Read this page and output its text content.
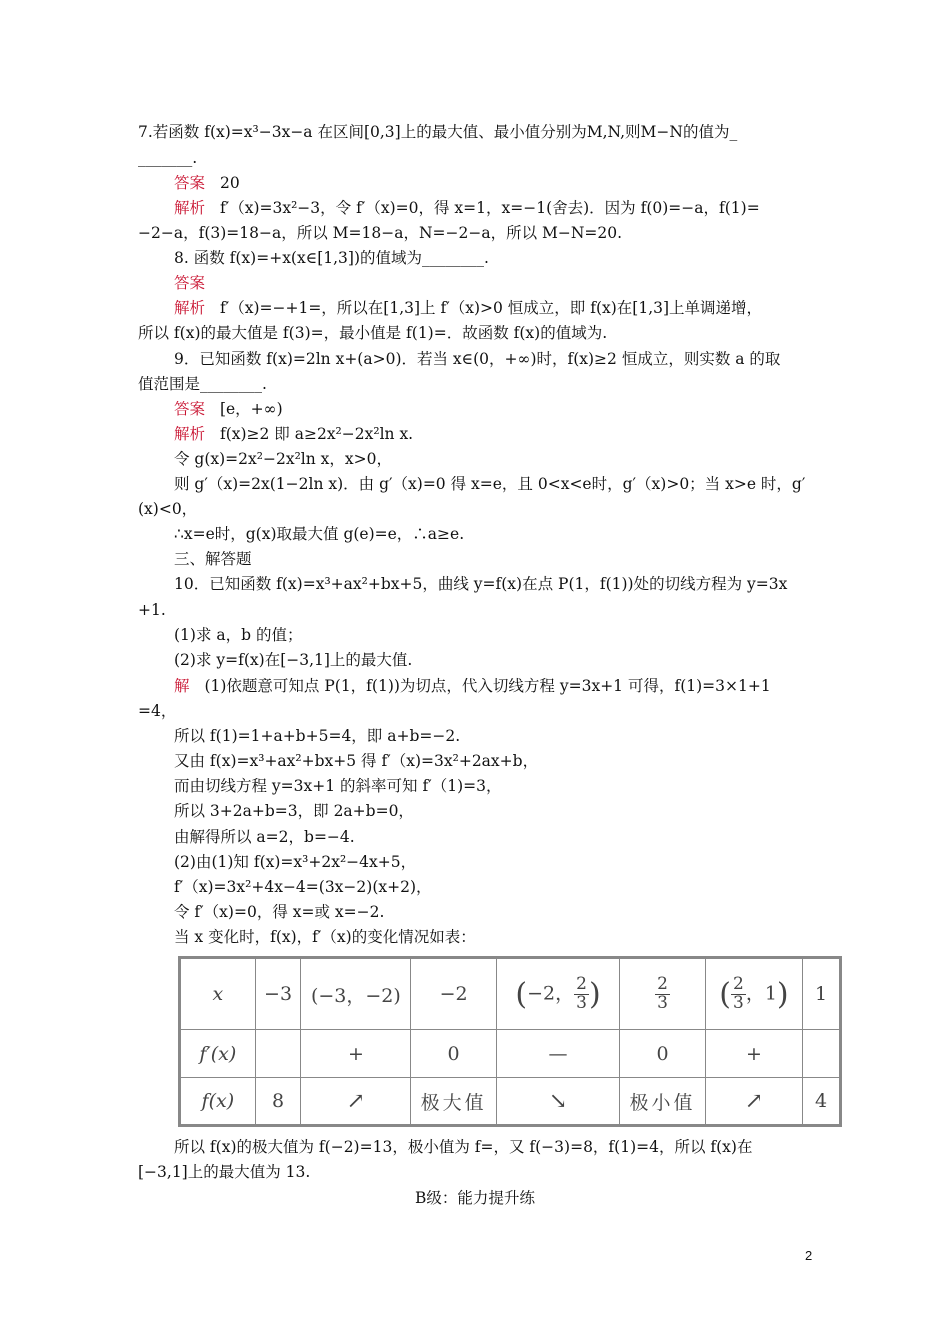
7.若函数 f(x)=x³−3x−a 在区间[0,3]上的最大值、最小值分别为M,N,则M−N的值为_
_______.
答案 20
解析 f′（x)=3x²−3，令 f′（x)=0，得 x=1，x=−1(舍去)．因为 f(0)=−a，f(1)=
−2−a，f(3)=18−a，所以 M=18−a，N=−2−a，所以 M−N=20.
8. 函数 f(x)=+x(x∈[1,3])的值域为________.
答案
解析 f′（x)=−+1=，所以在[1,3]上 f′（x)>0 恒成立，即 f(x)在[1,3]上单调递增，
所以 f(x)的最大值是 f(3)=，最小值是 f(1)=．故函数 f(x)的值域为.
9．已知函数 f(x)=2ln x+(a>0)．若当 x∈(0，+∞)时，f(x)≥2 恒成立，则实数 a 的取
值范围是________.
答案 [e，+∞)
解析 f(x)≥2 即 a≥2x²−2x²ln x.
令 g(x)=2x²−2x²ln x，x>0，
则 g′（x)=2x(1−2ln x)．由 g′（x)=0 得 x=e，且 0<x<e时，g′（x)>0；当 x>e 时，g′
(x)<0，
∴x=e时，g(x)取最大值 g(e)=e，∴a≥e.
三、解答题
10．已知函数 f(x)=x³+ax²+bx+5，曲线 y=f(x)在点 P(1，f(1))处的切线方程为 y=3x
+1.
(1)求 a，b 的值；
(2)求 y=f(x)在[−3,1]上的最大值.
解 (1)依题意可知点 P(1，f(1))为切点，代入切线方程 y=3x+1 可得，f(1)=3×1+1
=4，
所以 f(1)=1+a+b+5=4，即 a+b=−2.
又由 f(x)=x³+ax²+bx+5 得 f′（x)=3x²+2ax+b，
而由切线方程 y=3x+1 的斜率可知 f′（1)=3，
所以 3+2a+b=3，即 2a+b=0，
由解得所以 a=2，b=−4.
(2)由(1)知 f(x)=x³+2x²−4x+5，
f′（x)=3x²+4x−4=(3x−2)(x+2)，
令 f′（x)=0，得 x=或 x=−2.
当 x 变化时，f(x)，f′（x)的变化情况如表：
x	−3	(−3，−2)	−2	(−2， $\frac{2}{3}$ )	$\frac{2}{3}$	( $\frac{2}{3}$ ，1)	1
f′(x)		+	0	—	0	+	
f(x)	8	↗	极大值	↘	极小值	↗	4
所以 f(x)的极大值为 f(−2)=13，极小值为 f=，又 f(−3)=8，f(1)=4，所以 f(x)在
[−3,1]上的最大值为 13.
B级：能力提升练
2
